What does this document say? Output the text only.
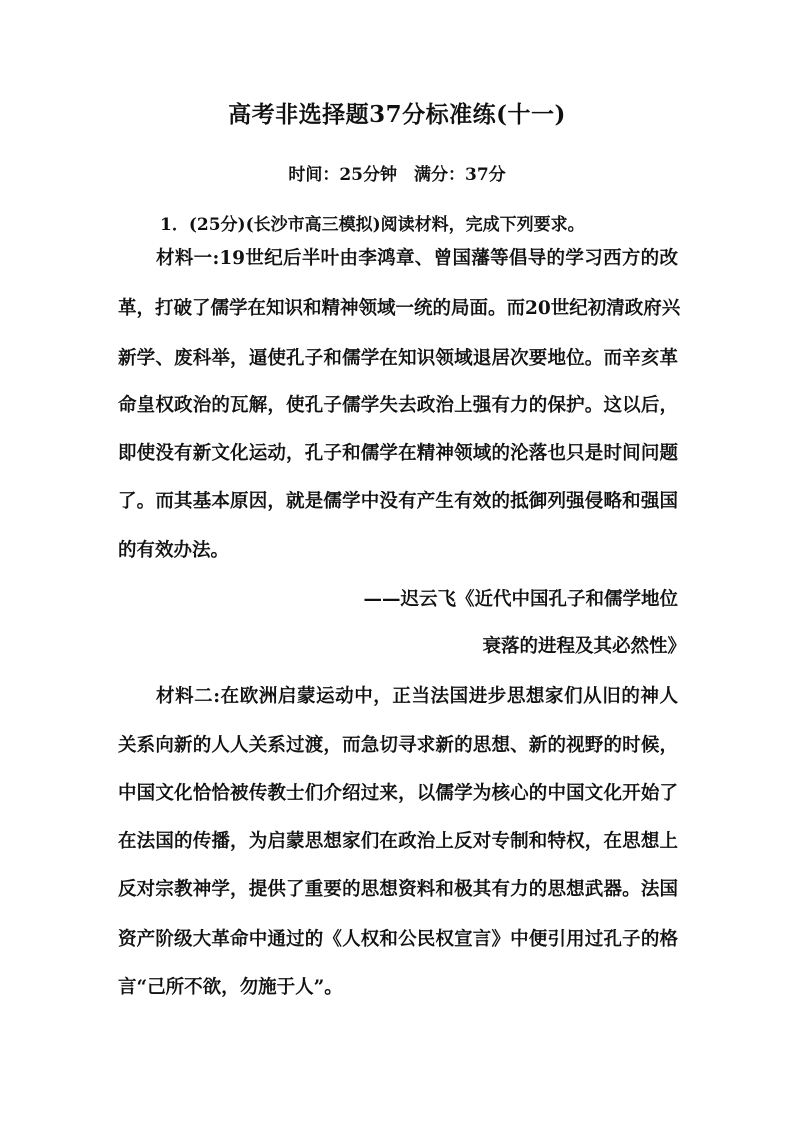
高考非选择题37分标准练(十一)
时间：25分钟　满分：37分
1．(25分)(长沙市高三模拟)阅读材料，完成下列要求。
材料一:19世纪后半叶由李鸿章、曾国藩等倡导的学习西方的改
革，打破了儒学在知识和精神领域一统的局面。而20世纪初清政府兴
新学、废科举，逼使孔子和儒学在知识领域退居次要地位。而辛亥革
命皇权政治的瓦解，使孔子儒学失去政治上强有力的保护。这以后，
即使没有新文化运动，孔子和儒学在精神领域的沦落也只是时间问题
了。而其基本原因，就是儒学中没有产生有效的抵御列强侵略和强国
的有效办法。
——迟云飞《近代中国孔子和儒学地位
衰落的进程及其必然性》
材料二:在欧洲启蒙运动中，正当法国进步思想家们从旧的神人
关系向新的人人关系过渡，而急切寻求新的思想、新的视野的时候，
中国文化恰恰被传教士们介绍过来，以儒学为核心的中国文化开始了
在法国的传播，为启蒙思想家们在政治上反对专制和特权，在思想上
反对宗教神学，提供了重要的思想资料和极其有力的思想武器。法国
资产阶级大革命中通过的《人权和公民权宣言》中便引用过孔子的格
言“己所不欲，勿施于人”。
